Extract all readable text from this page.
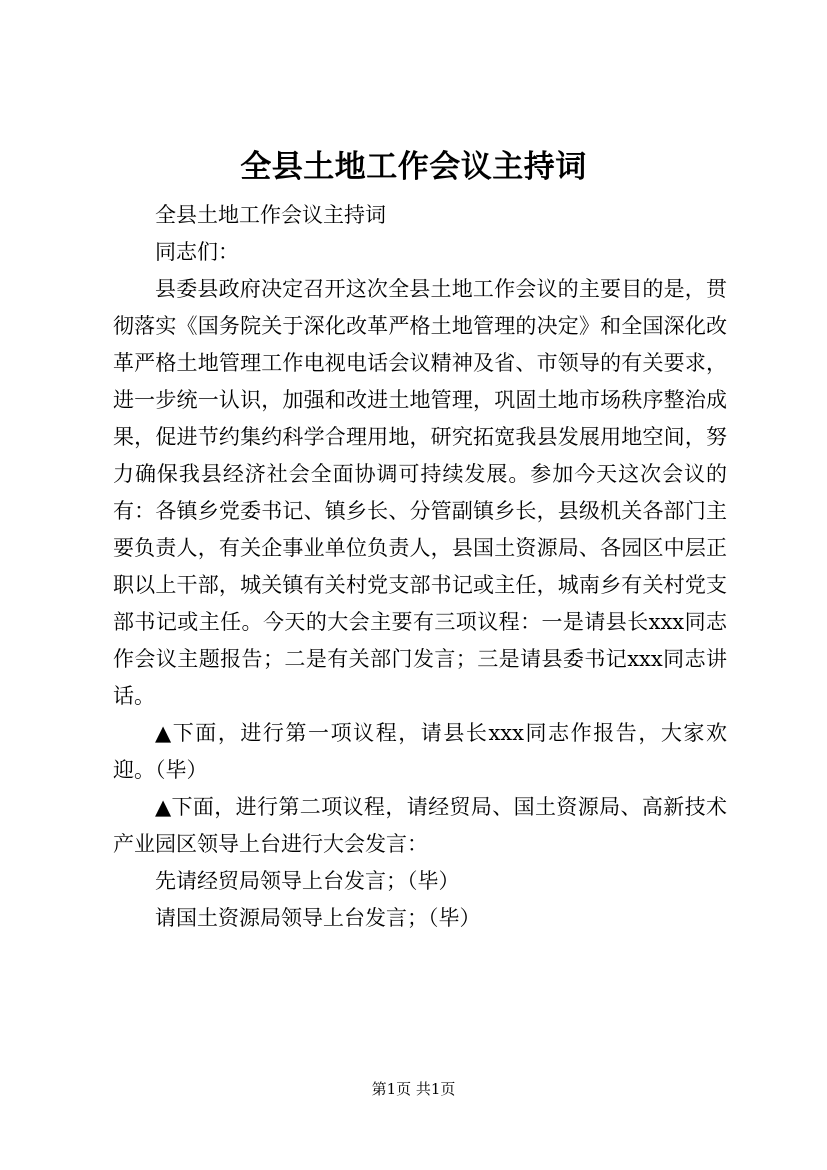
全县土地工作会议主持词

全县土地工作会议主持词

同志们：

县委县政府决定召开这次全县土地工作会议的主要目的是，贯彻落实《国务院关于深化改革严格土地管理的决定》和全国深化改革严格土地管理工作电视电话会议精神及省、市领导的有关要求，进一步统一认识，加强和改进土地管理，巩固土地市场秩序整治成果，促进节约集约科学合理用地，研究拓宽我县发展用地空间，努力确保我县经济社会全面协调可持续发展。参加今天这次会议的有：各镇乡党委书记、镇乡长、分管副镇乡长，县级机关各部门主要负责人，有关企事业单位负责人，县国土资源局、各园区中层正职以上干部，城关镇有关村党支部书记或主任，城南乡有关村党支部书记或主任。今天的大会主要有三项议程：一是请县长xxx同志作会议主题报告；二是有关部门发言；三是请县委书记xxx同志讲话。

▲下面，进行第一项议程，请县长xxx同志作报告，大家欢迎。（毕）

▲下面，进行第二项议程，请经贸局、国土资源局、高新技术产业园区领导上台进行大会发言：

先请经贸局领导上台发言；（毕）

请国土资源局领导上台发言；（毕）

第1页 共1页
